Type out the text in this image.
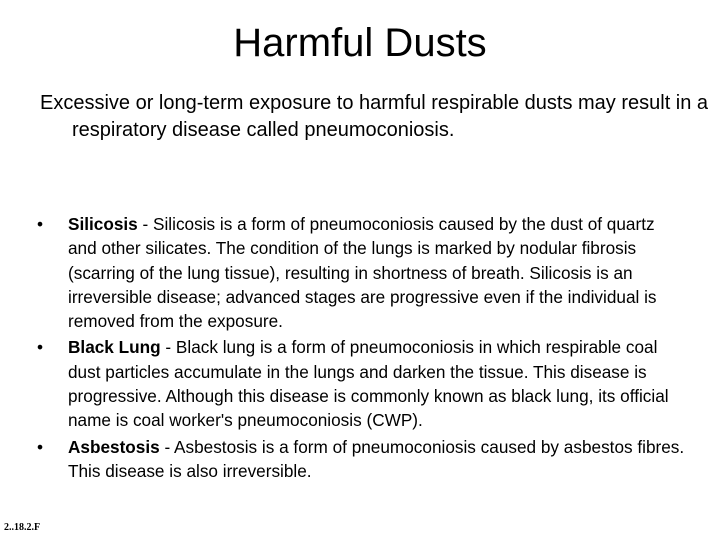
Harmful Dusts

Excessive or long-term exposure to harmful respirable dusts may result in a respiratory disease called pneumoconiosis.

•	Silicosis - Silicosis is a form of pneumoconiosis caused by the dust of quartz and other silicates. The condition of the lungs is marked by nodular fibrosis (scarring of the lung tissue), resulting in shortness of breath. Silicosis is an irreversible disease; advanced stages are progressive even if the individual is removed from the exposure.
•	Black Lung - Black lung is a form of pneumoconiosis in which respirable coal dust particles accumulate in the lungs and darken the tissue. This disease is progressive. Although this disease is commonly known as black lung, its official name is coal worker's pneumoconiosis (CWP).
•	Asbestosis - Asbestosis is a form of pneumoconiosis caused by asbestos fibres. This disease is also irreversible.
2..18.2.F
